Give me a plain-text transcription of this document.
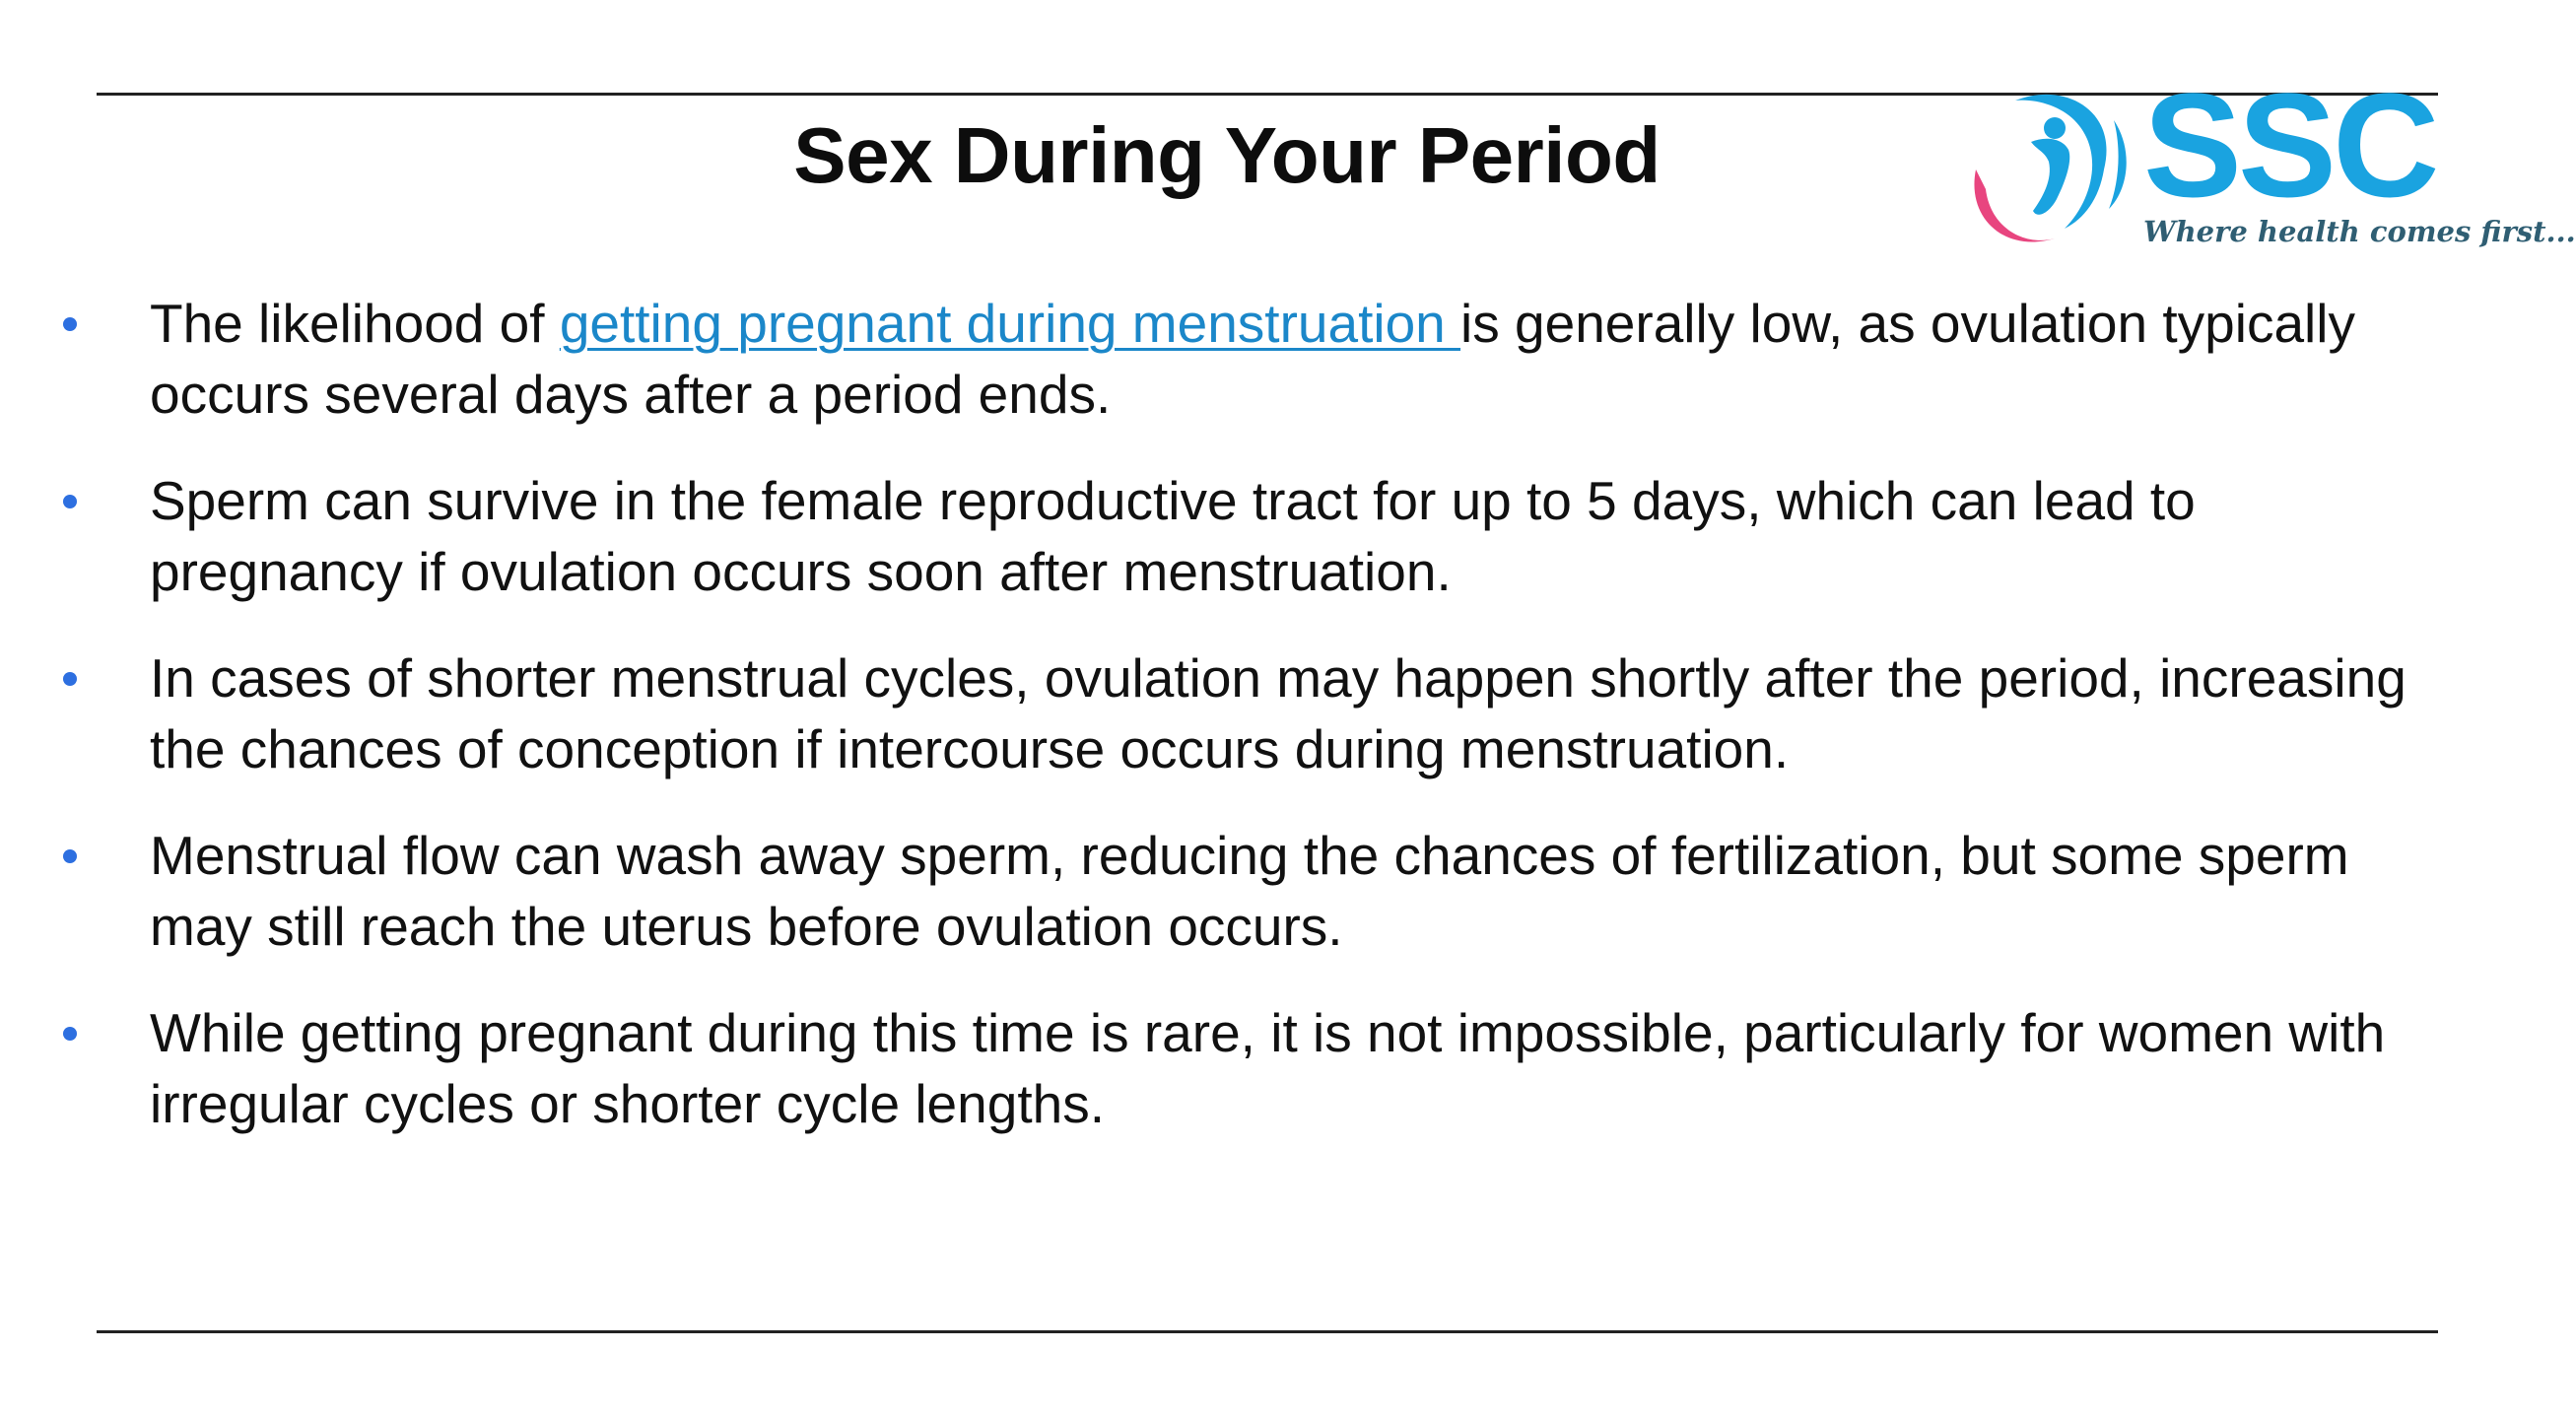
Sex During Your Period	SSC
Where health comes first...
The likelihood of getting pregnant during menstruation is generally low, as ovulation typically occurs several days after a period ends.
Sperm can survive in the female reproductive tract for up to 5 days, which can lead to pregnancy if ovulation occurs soon after menstruation.
In cases of shorter menstrual cycles, ovulation may happen shortly after the period, increasing the chances of conception if intercourse occurs during menstruation.
Menstrual flow can wash away sperm, reducing the chances of fertilization, but some sperm may still reach the uterus before ovulation occurs.
While getting pregnant during this time is rare, it is not impossible, particularly for women with irregular cycles or shorter cycle lengths.
